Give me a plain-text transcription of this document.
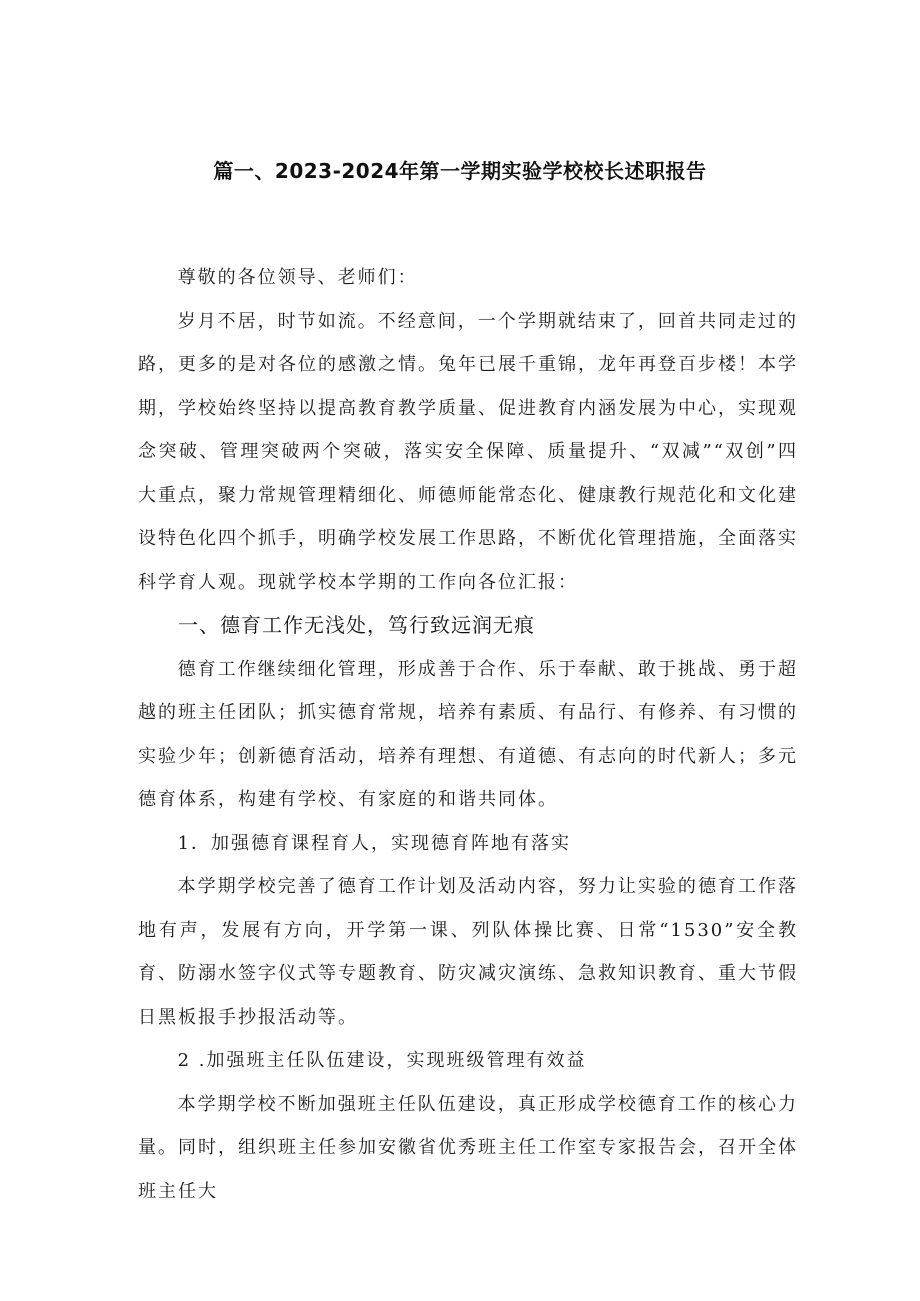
篇一、2023-2024年第一学期实验学校校长述职报告

尊敬的各位领导、老师们：

岁月不居，时节如流。不经意间，一个学期就结束了，回首共同走过的路，更多的是对各位的感激之情。兔年已展千重锦，龙年再登百步楼！本学期，学校始终坚持以提高教育教学质量、促进教育内涵发展为中心，实现观念突破、管理突破两个突破，落实安全保障、质量提升、“双减”“双创”四大重点，聚力常规管理精细化、师德师能常态化、健康教行规范化和文化建设特色化四个抓手，明确学校发展工作思路，不断优化管理措施，全面落实科学育人观。现就学校本学期的工作向各位汇报：

一、德育工作无浅处，笃行致远润无痕

德育工作继续细化管理，形成善于合作、乐于奉献、敢于挑战、勇于超越的班主任团队；抓实德育常规，培养有素质、有品行、有修养、有习惯的实验少年；创新德育活动，培养有理想、有道德、有志向的时代新人；多元德育体系，构建有学校、有家庭的和谐共同体。

1．加强德育课程育人，实现德育阵地有落实

本学期学校完善了德育工作计划及活动内容，努力让实验的德育工作落地有声，发展有方向，开学第一课、列队体操比赛、日常“1530”安全教育、防溺水签字仪式等专题教育、防灾减灾演练、急救知识教育、重大节假日黑板报手抄报活动等。

2 .加强班主任队伍建设，实现班级管理有效益

本学期学校不断加强班主任队伍建设，真正形成学校德育工作的核心力量。同时，组织班主任参加安徽省优秀班主任工作室专家报告会，召开全体班主任大
